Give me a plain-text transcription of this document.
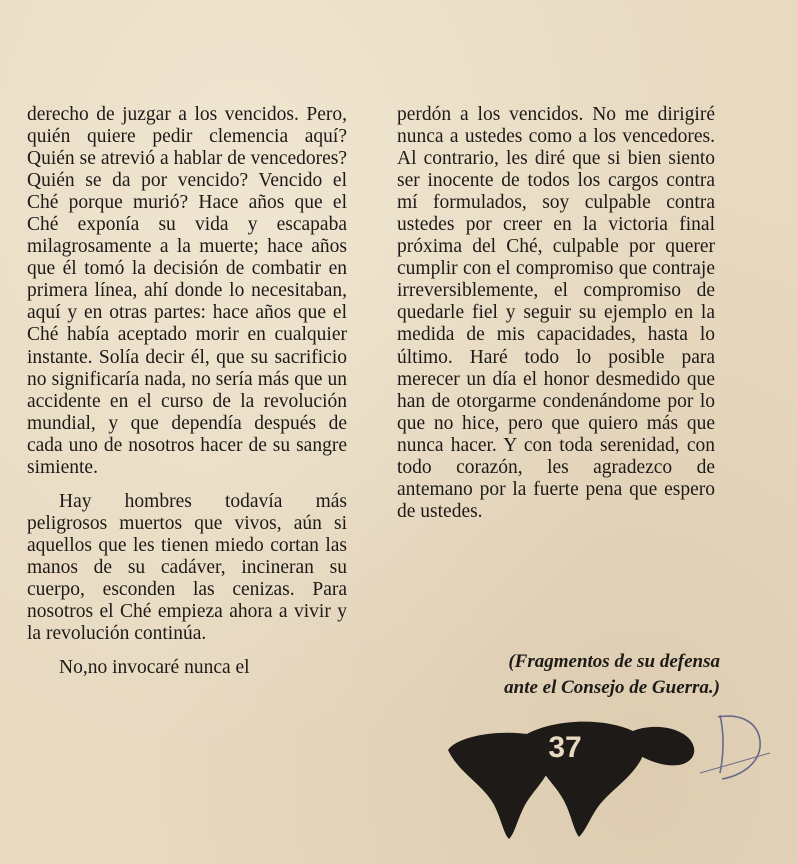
derecho de juzgar a los vencidos. Pero, quién quiere pedir clemencia aquí? Quién se atrevió a hablar de vencedores? Quién se da por vencido? Vencido el Ché porque murió? Hace años que el Ché exponía su vida y escapaba milagrosamente a la muerte; hace años que él tomó la decisión de combatir en primera línea, ahí donde lo necesitaban, aquí y en otras partes: hace años que el Ché había aceptado morir en cualquier instante. Solía decir él, que su sacrificio no significaría nada, no sería más que un accidente en el curso de la revolución mundial, y que dependía después de cada uno de nosotros hacer de su sangre simiente.

Hay hombres todavía más peligrosos muertos que vivos, aún si aquellos que les tienen miedo cortan las manos de su cadáver, incineran su cuerpo, esconden las cenizas. Para nosotros el Ché empieza ahora a vivir y la revolución continúa.

No,no invocaré nunca el

perdón a los vencidos. No me dirigiré nunca a ustedes como a los vencedores. Al contrario, les diré que si bien siento ser inocente de todos los cargos contra mí formulados, soy culpable contra ustedes por creer en la victoria final próxima del Ché, culpable por querer cumplir con el compromiso que contraje irreversiblemente, el compromiso de quedarle fiel y seguir su ejemplo en la medida de mis capacidades, hasta lo último. Haré todo lo posible para merecer un día el honor desmedido que han de otorgarme condenándome por lo que no hice, pero que quiero más que nunca hacer. Y con toda serenidad, con todo corazón, les agradezco de antemano por la fuerte pena que espero de ustedes.

(Fragmentos de su defensa
ante el Consejo de Guerra.)
37
